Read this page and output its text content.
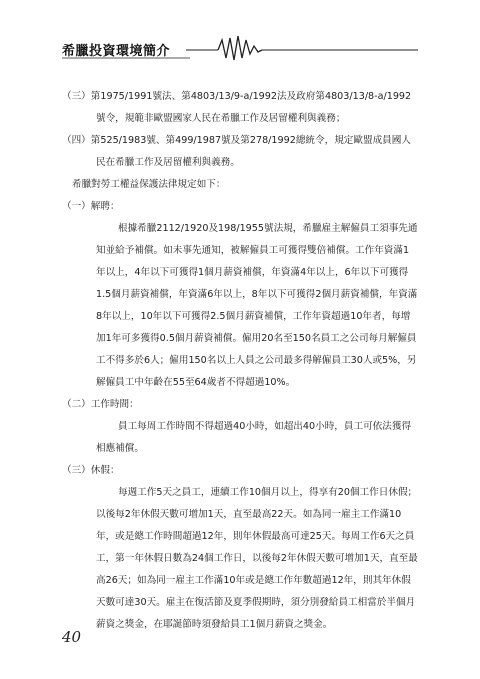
希臘投資環境簡介

（三）第1975/1991號法、第4803/13/9-a/1992法及政府第4803/13/8-a/1992號令，規範非歐盟國家人民在希臘工作及居留權利與義務；

（四）第525/1983號、第499/1987號及第278/1992總統令，規定歐盟成員國人民在希臘工作及居留權利與義務。

希臘對勞工權益保護法律規定如下：

（一）解聘：

根據希臘2112/1920及198/1955號法規，希臘雇主解僱員工須事先通知並給予補償。如未事先通知，被解僱員工可獲得雙倍補償。工作年資滿1年以上，4年以下可獲得1個月薪資補償，年資滿4年以上，6年以下可獲得1.5個月薪資補償，年資滿6年以上，8年以下可獲得2個月薪資補償，年資滿8年以上，10年以下可獲得2.5個月薪資補償，工作年資超過10年者，每增加1年可多獲得0.5個月薪資補償。僱用20名至150名員工之公司每月解僱員工不得多於6人；僱用150名以上人員之公司最多得解僱員工30人或5%，另解僱員工中年齡在55至64歲者不得超過10%。

（二）工作時間：

員工每周工作時間不得超過40小時，如超出40小時，員工可依法獲得相應補償。

（三）休假：

每週工作5天之員工，連續工作10個月以上，得享有20個工作日休假；以後每2年休假天數可增加1天，直至最高22天。如為同一雇主工作滿10年，或是總工作時間超過12年，則年休假最高可達25天。每周工作6天之員工，第一年休假日數為24個工作日，以後每2年休假天數可增加1天，直至最高26天；如為同一雇主工作滿10年或是總工作年數超過12年，則其年休假天數可達30天。雇主在復活節及夏季假期時，須分別發給員工相當於半個月薪資之獎金，在耶誕節時須發給員工1個月薪資之獎金。

40
